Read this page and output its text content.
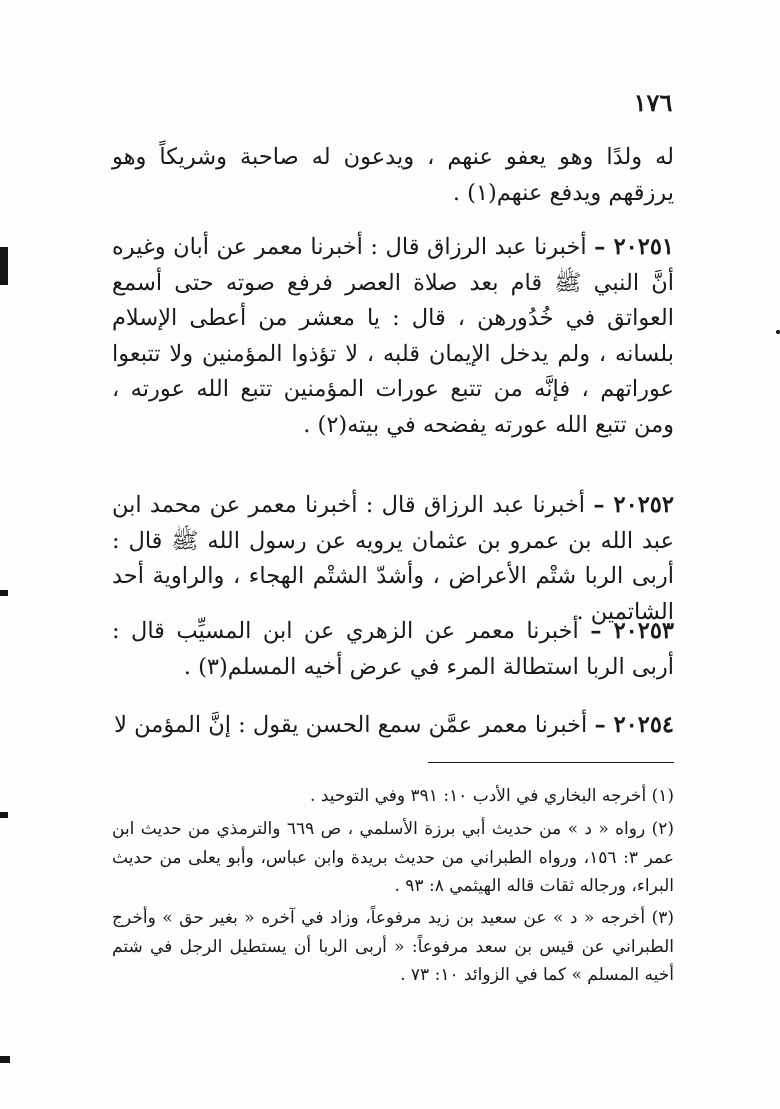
١٧٦

له ولدًا وهو يعفو عنهم ، ويدعون له صاحبة وشريكاً وهو يرزقهم ويدفع عنهم(١) .

٢٠٢٥١ – أخبرنا عبد الرزاق قال : أخبرنا معمر عن أبان وغيره أنَّ النبي ﷺ قام بعد صلاة العصر فرفع صوته حتى أسمع العواتق في خُدُورهن ، قال : يا معشر من أعطى الإسلام بلسانه ، ولم يدخل الإيمان قلبه ، لا تؤذوا المؤمنين ولا تتبعوا عوراتهم ، فإنَّه من تتبع عورات المؤمنين تتبع الله عورته ، ومن تتبع الله عورته يفضحه في بيته(٢) .

٢٠٢٥٢ – أخبرنا عبد الرزاق قال : أخبرنا معمر عن محمد ابن عبد الله بن عمرو بن عثمان يرويه عن رسول الله ﷺ قال : أربى الربا شتْم الأعراض ، وأشدّ الشتْم الهجاء ، والراوية أحد الشاتمين .

٢٠٢٥٣ – أخبرنا معمر عن الزهري عن ابن المسيِّب قال : أربى الربا استطالة المرء في عرض أخيه المسلم(٣) .

٢٠٢٥٤ – أخبرنا معمر عمَّن سمع الحسن يقول : إنَّ المؤمن لا

(١) أخرجه البخاري في الأدب ١٠: ٣٩١ وفي التوحيد .

(٢) رواه « د » من حديث أبي برزة الأسلمي ، ص ٦٦٩ والترمذي من حديث ابن عمر ٣: ١٥٦، ورواه الطبراني من حديث بريدة وابن عباس، وأبو يعلى من حديث البراء، ورجاله ثقات قاله الهيثمي ٨: ٩٣ .

(٣) أخرجه « د » عن سعيد بن زيد مرفوعاً، وزاد في آخره « بغير حق » وأخرج الطبراني عن قيس بن سعد مرفوعاً: « أربى الربا أن يستطيل الرجل في شتم أخيه المسلم » كما في الزوائد ١٠: ٧٣ .
